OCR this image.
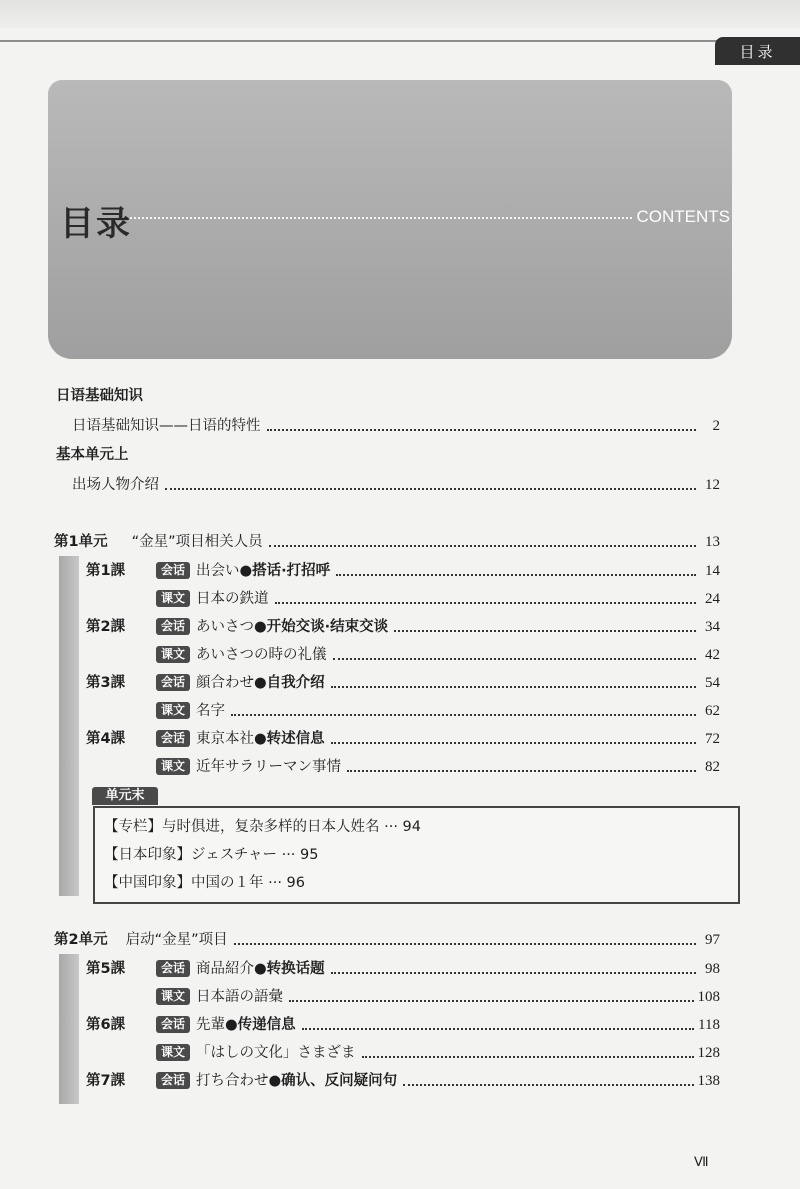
目录
目录	CONTENTS
日语基础知识
日语基础知识——日语的特性	2
基本单元上
出场人物介绍	12
第1单元 “金星”项目相关人员	13
第1課	会话 出会い ● 搭话·打招呼	14
课文 日本の鉄道	24
第2課	会话 あいさつ ● 开始交谈·结束交谈	34
课文 あいさつの時の礼儀	42
第3課	会话 顔合わせ ● 自我介绍	54
课文 名字	62
第4課	会话 東京本社 ● 转述信息	72
课文 近年サラリーマン事情	82
单元末
【专栏】与时俱进，复杂多样的日本人姓名 ··· 94
【日本印象】ジェスチャー ··· 95
【中国印象】中国の１年 ··· 96
第2单元 启动“金星”项目	97
第5課	会话 商品紹介 ● 转换话题	98
课文 日本語の語彙	108
第6課	会话 先輩 ● 传递信息	118
课文 「はしの文化」さまざま	128
第7課	会话 打ち合わせ ● 确认、反问疑问句	138
Ⅶ
